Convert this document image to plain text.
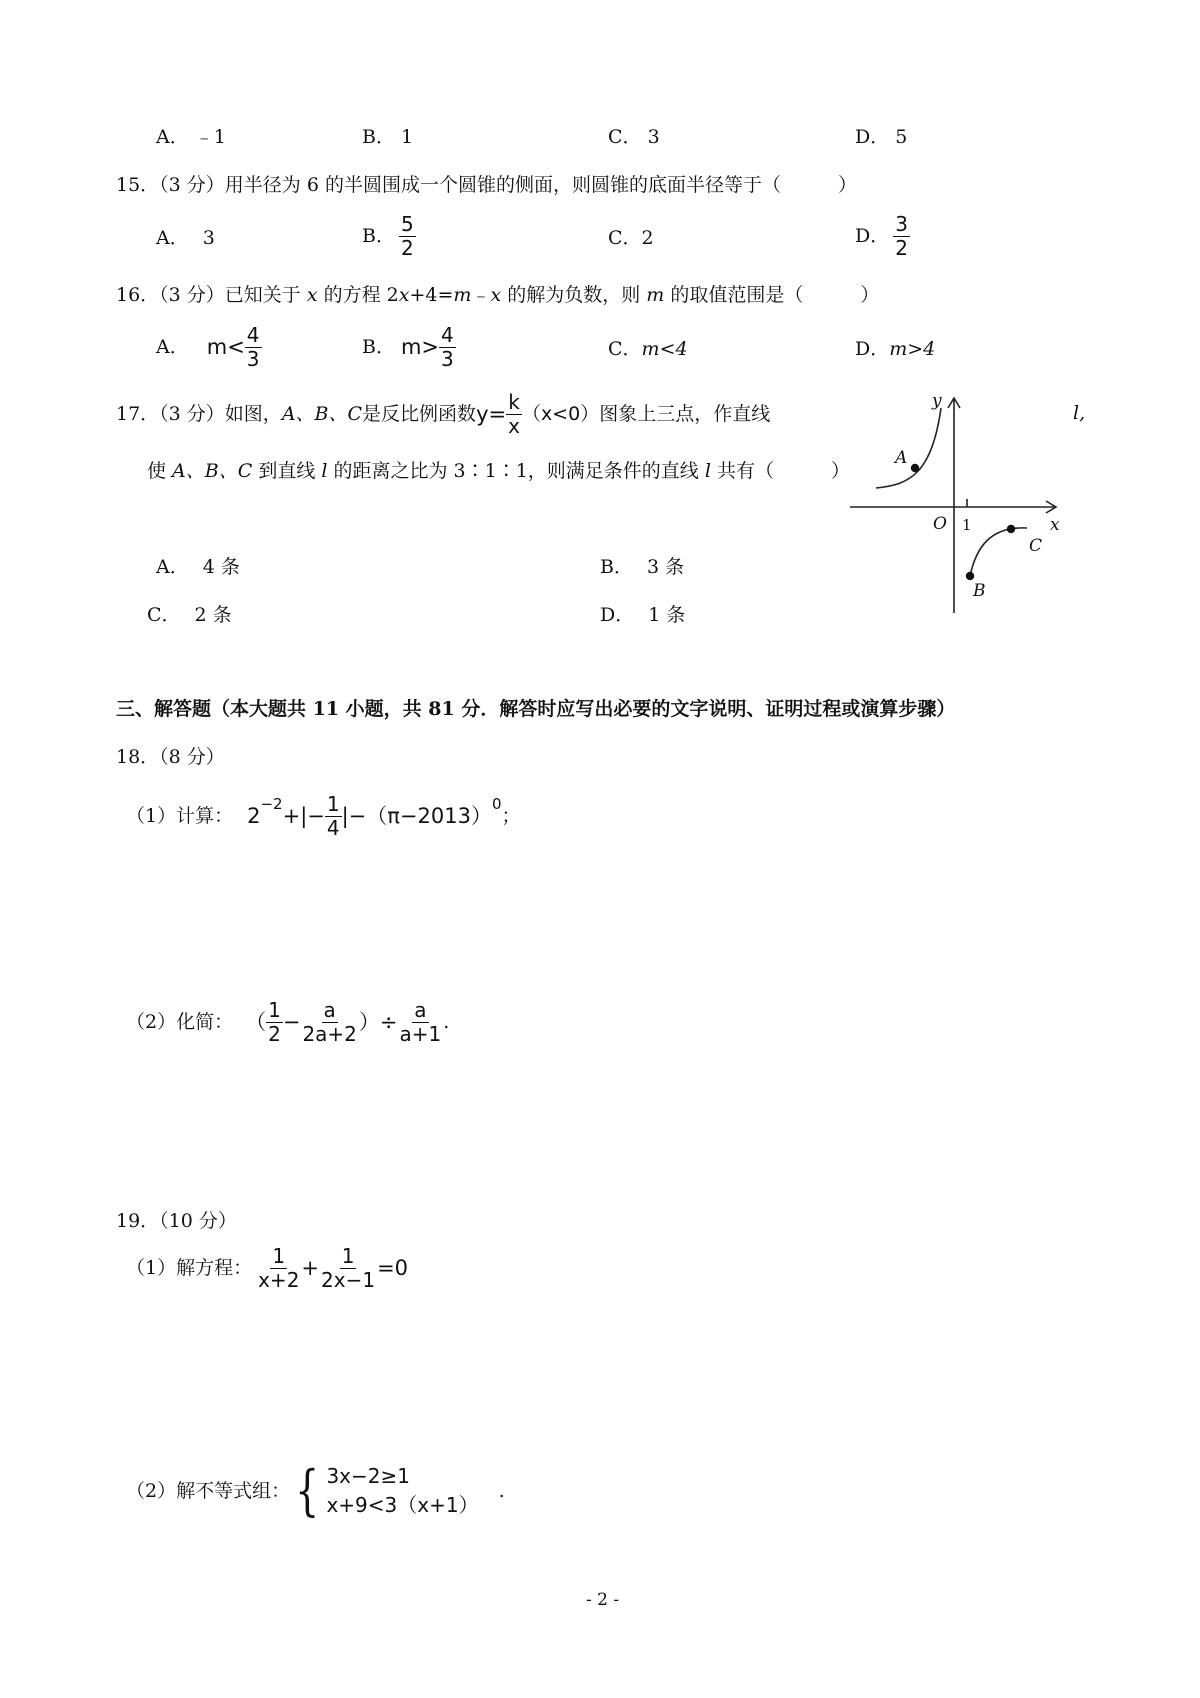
A． ﹣1	B． 1	C． 3	D． 5
15．（3 分）用半径为 6 的半圆围成一个圆锥的侧面，则圆锥的底面半径等于（　　　）
A． 3	B． $\frac{5}{2}$	C．2	D． $\frac{3}{2}$
16．（3 分）已知关于 x 的方程 2x+4=m﹣x 的解为负数，则 m 的取值范围是（　　　）
A． $m< \frac{4}{3}$	B． $m> \frac{4}{3}$	C．m<4	D．m>4
17．（3 分）如图， A、B、C 是反比例函数 $y= \frac{k}{x} (x<0)$ 图象上三点，作直线	l,
使 A、B、C 到直线 l 的距离之比为 3∶1∶1，则满足条件的直线 l 共有（　　　）
A． 4 条	B． 3 条
C． 2 条	D． 1 条
y
x
O
A
B
C
1
三、解答题（本大题共 11 小题，共 81 分．解答时应写出必要的文字说明、证明过程或演算步骤）
18．（8 分）
（1）计算： 2 −2 +|− $\frac{1}{4} |-(\pi-2013)$ 0
；
（2）化简： （ $\frac{1}{2} - \frac{a}{2a+2}$ ）÷ $\frac{a}{a+1}$ .
19．（10 分）
（1）解方程： $\frac{1}{x+2} + \frac{1}{2x-1} =0$
（2）解不等式组： { 3x−2≥1
x+9<3（x+1）
.
- 2 -
